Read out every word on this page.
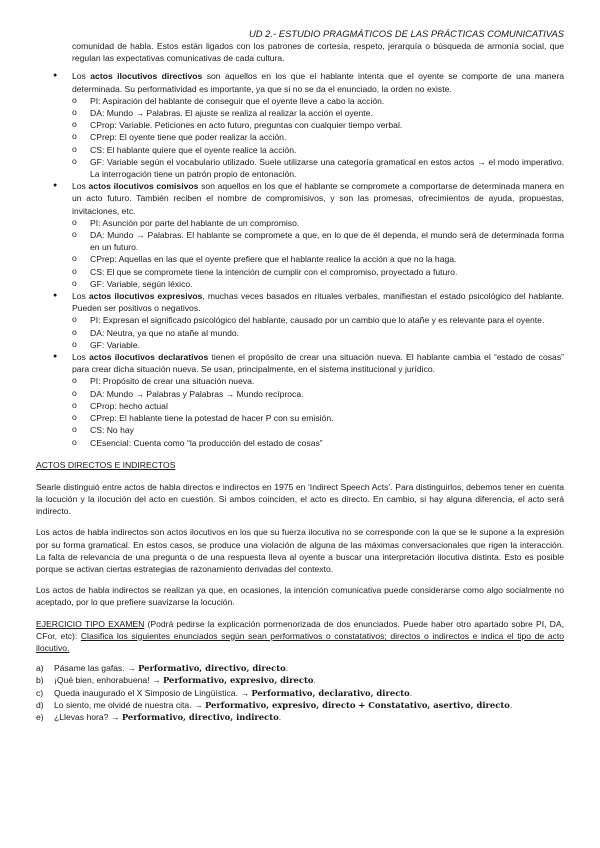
UD 2.- ESTUDIO PRAGMÁTICOS DE LAS PRÁCTICAS COMUNICATIVAS
comunidad de habla. Estos están ligados con los patrones de cortesía, respeto, jerarquía o búsqueda de armonía social, que regulan las expectativas comunicativas de cada cultura.
● Los actos ilocutivos directivos son aquellos en los que el hablante intenta que el oyente se comporte de una manera determinada. Su performatividad es importante, ya que si no se da el enunciado, la orden no existe.
o PI: Aspiración del hablante de conseguir que el oyente lleve a cabo la acción.
o DA: Mundo → Palabras. El ajuste se realiza al realizar la acción el oyente.
o CProp: Variable. Peticiones en acto futuro, preguntas con cualquier tiempo verbal.
o CPrep: El oyente tiene que poder realizar la acción.
o CS: El hablante quiere que el oyente realice la acción.
o GF: Variable según el vocabulario utilizado. Suele utilizarse una categoría gramatical en estos actos → el modo imperativo. La interrogación tiene un patrón propio de entonación.
● Los actos ilocutivos comisivos son aquellos en los que el hablante se compromete a comportarse de determinada manera en un acto futuro. También reciben el nombre de compromisivos, y son las promesas, ofrecimientos de ayuda, propuestas, invitaciones, etc.
o PI: Asunción por parte del hablante de un compromiso.
o DA: Mundo → Palabras. El hablante se compromete a que, en lo que de él dependa, el mundo será de determinada forma en un futuro.
o CPrep: Aquellas en las que el oyente prefiere que el hablante realice la acción a que no la haga.
o CS: El que se compromete tiene la intención de cumplir con el compromiso, proyectado a futuro.
o GF: Variable, según léxico.
● Los actos ilocutivos expresivos, muchas veces basados en rituales verbales, manifiestan el estado psicológico del hablante. Pueden ser positivos o negativos.
o PI: Expresan el significado psicológico del hablante, causado por un cambio que lo atañe y es relevante para el oyente.
o DA: Neutra, ya que no atañe al mundo.
o GF: Variable.
● Los actos ilocutivos declarativos tienen el propósito de crear una situación nueva. El hablante cambia el “estado de cosas” para crear dicha situación nueva. Se usan, principalmente, en el sistema institucional y jurídico.
o PI: Propósito de crear una situación nueva.
o DA: Mundo → Palabras y Palabras → Mundo recíproca.
o CProp: hecho actual
o CPrep: El hablante tiene la potestad de hacer P con su emisión.
o CS: No hay
o CEsencial: Cuenta como “la producción del estado de cosas”
ACTOS DIRECTOS E INDIRECTOS

Searle distinguió entre actos de habla directos e indirectos en 1975 en ‘Indirect Speech Acts’. Para distinguirlos, debemos tener en cuenta la locución y la ilocución del acto en cuestión. Si ambos coinciden, el acto es directo. En cambio, si hay alguna diferencia, el acto será indirecto.

Los actos de habla indirectos son actos ilocutivos en los que su fuerza ilocutiva no se corresponde con la que se le supone a la expresión por su forma gramatical. En estos casos, se produce una violación de alguna de las máximas conversacionales que rigen la interacción. La falta de relevancia de una pregunta o de una respuesta lleva al oyente a buscar una interpretación ilocutiva distinta. Esto es posible porque se activan ciertas estrategias de razonamiento derivadas del contexto.

Los actos de habla indirectos se realizan ya que, en ocasiones, la intención comunicativa puede considerarse como algo socialmente no aceptado, por lo que prefiere suavizarse la locución.

EJERCICIO TIPO EXAMEN (Podrá pedirse la explicación pormenorizada de dos enunciados. Puede haber otro apartado sobre PI, DA, CFor, etc): Clasifica los siguientes enunciados según sean performativos o constatativos; directos o indirectos e indica el tipo de acto ilocutivo.

a) Pásame las gafas. → Performativo, directivo, directo.
b) ¡Qué bien, enhorabuena! → Performativo, expresivo, directo.
c) Queda inaugurado el X Simposio de Lingüística. → Performativo, declarativo, directo.
d) Lo siento, me olvidé de nuestra cita. → Performativo, expresivo, directo + Constatativo, asertivo, directo.
e) ¿Llevas hora? → Performativo, directivo, indirecto.
